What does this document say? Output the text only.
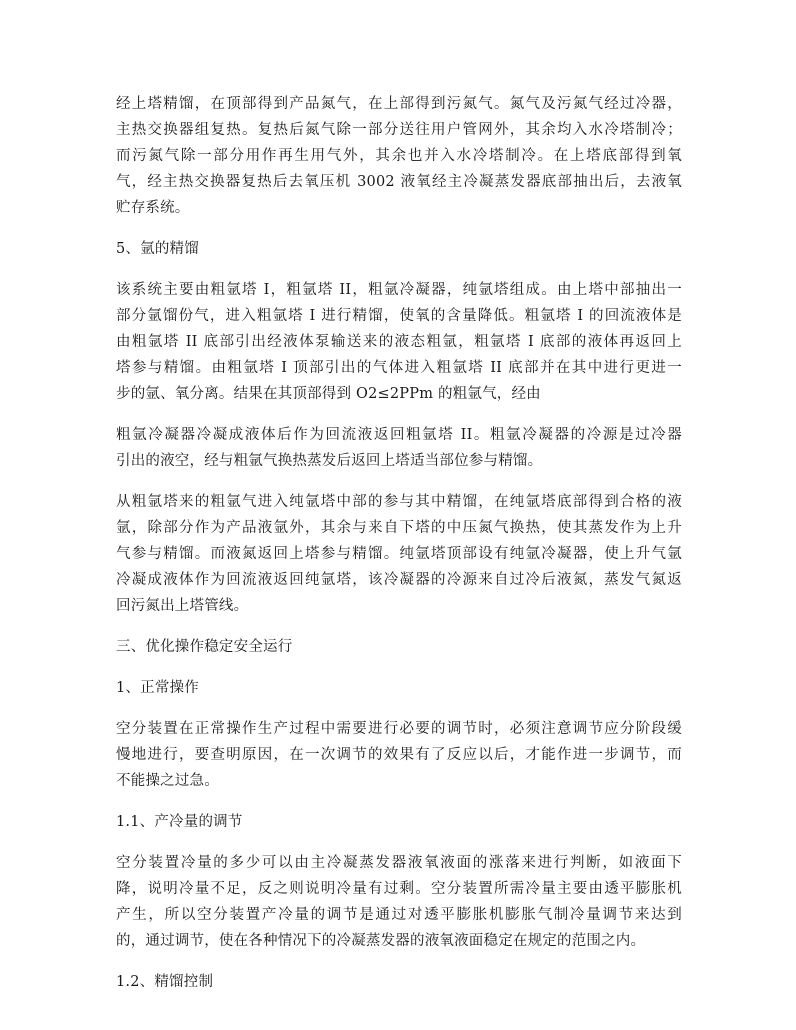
经上塔精馏，在顶部得到产品氮气，在上部得到污氮气。氮气及污氮气经过冷器，
主热交换器组复热。复热后氮气除一部分送往用户管网外，其余均入水冷塔制冷；
而污氮气除一部分用作再生用气外，其余也并入水冷塔制冷。在上塔底部得到氧
气，经主热交换器复热后去氧压机 3002 液氧经主冷凝蒸发器底部抽出后，去液氧
贮存系统。
5、氩的精馏
该系统主要由粗氩塔 I，粗氩塔 II，粗氩冷凝器，纯氩塔组成。由上塔中部抽出一
部分氩馏份气，进入粗氩塔 I 进行精馏，使氧的含量降低。粗氩塔 I 的回流液体是
由粗氩塔 II 底部引出经液体泵输送来的液态粗氩，粗氩塔 I 底部的液体再返回上
塔参与精馏。由粗氩塔 I 顶部引出的气体进入粗氩塔 II 底部并在其中进行更进一
步的氩、氧分离。结果在其顶部得到 O2≤2PPm 的粗氩气，经由
粗氩冷凝器冷凝成液体后作为回流液返回粗氩塔 II。粗氩冷凝器的冷源是过冷器
引出的液空，经与粗氩气换热蒸发后返回上塔适当部位参与精馏。
从粗氩塔来的粗氩气进入纯氩塔中部的参与其中精馏，在纯氩塔底部得到合格的液
氩，除部分作为产品液氩外，其余与来自下塔的中压氮气换热，使其蒸发作为上升
气参与精馏。而液氮返回上塔参与精馏。纯氩塔顶部设有纯氩冷凝器，使上升气氩
冷凝成液体作为回流液返回纯氩塔，该冷凝器的冷源来自过冷后液氮，蒸发气氮返
回污氮出上塔管线。
三、优化操作稳定安全运行
1、正常操作
空分装置在正常操作生产过程中需要进行必要的调节时，必须注意调节应分阶段缓
慢地进行，要查明原因，在一次调节的效果有了反应以后，才能作进一步调节，而
不能操之过急。
1.1、产冷量的调节
空分装置冷量的多少可以由主冷凝蒸发器液氧液面的涨落来进行判断，如液面下
降，说明冷量不足，反之则说明冷量有过剩。空分装置所需冷量主要由透平膨胀机
产生，所以空分装置产冷量的调节是通过对透平膨胀机膨胀气制冷量调节来达到
的，通过调节，使在各种情况下的冷凝蒸发器的液氧液面稳定在规定的范围之内。
1.2、精馏控制
